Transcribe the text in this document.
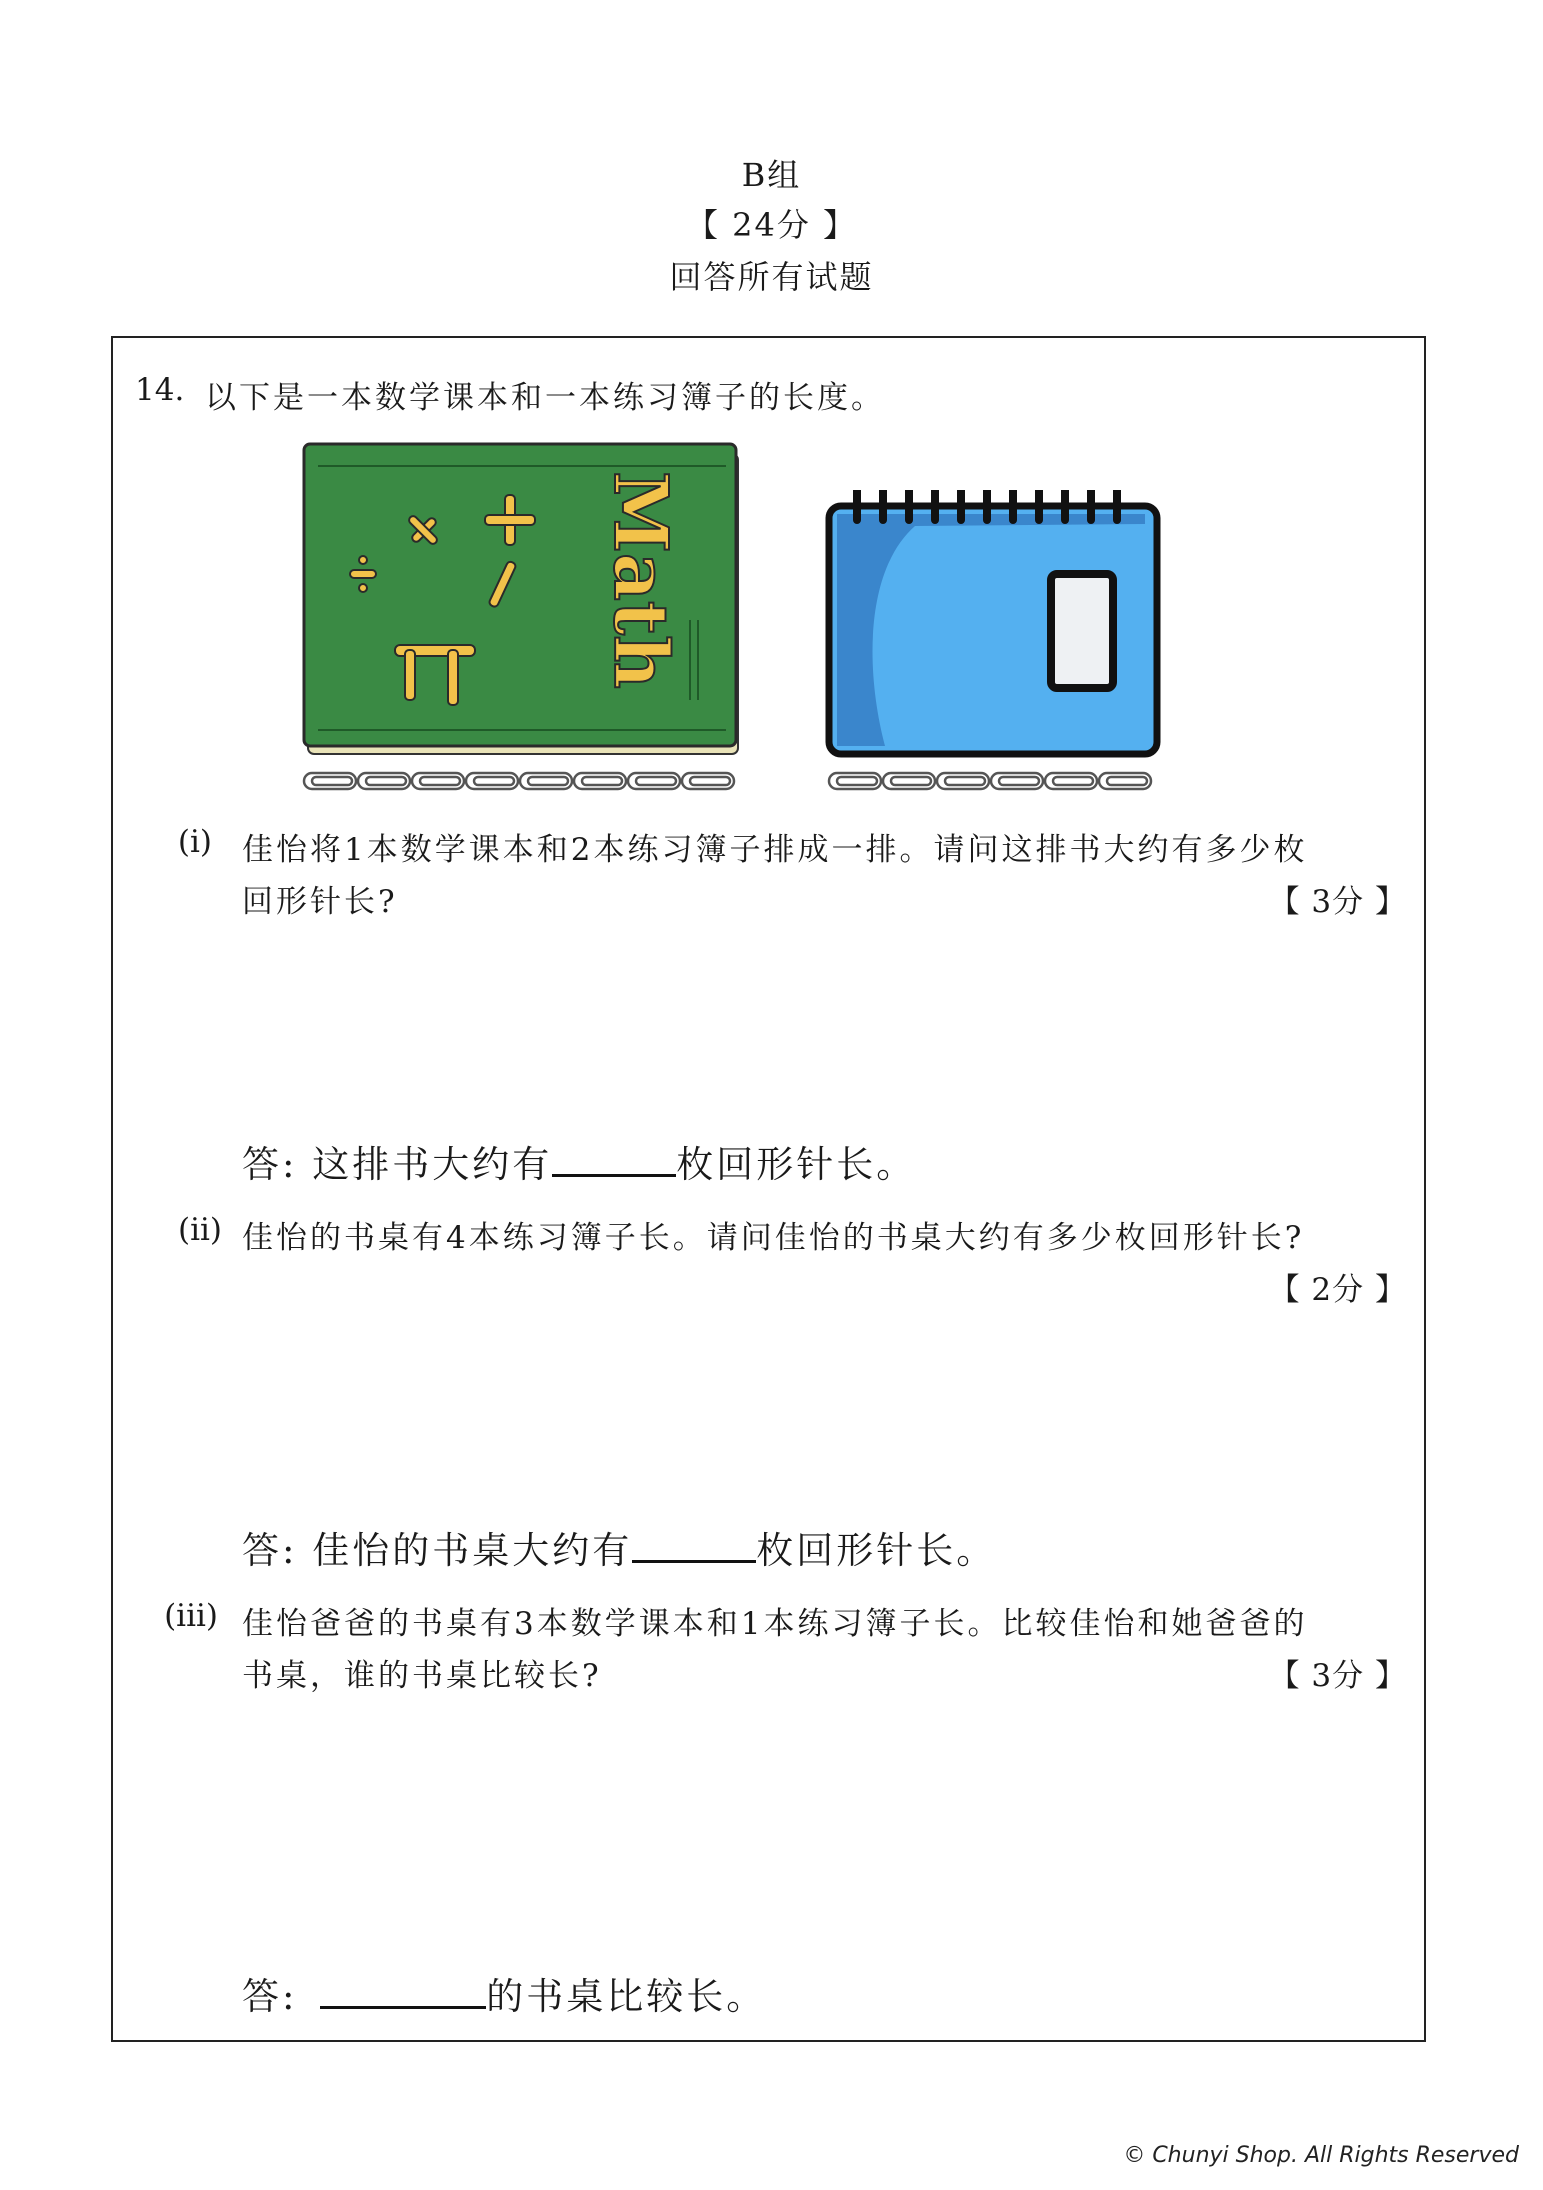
B组
【 24分 】
回答所有试题
14. 以下是一本数学课本和一本练习簿子的长度。
Math
(i) 佳怡将1本数学课本和2本练习簿子排成一排。请问这排书大约有多少枚
回形针长?	【 3分 】
答: 这排书大约有	枚回形针长。
(ii) 佳怡的书桌有4本练习簿子长。请问佳怡的书桌大约有多少枚回形针长?
【 2分 】
答: 佳怡的书桌大约有	枚回形针长。
(iii) 佳怡爸爸的书桌有3本数学课本和1本练习簿子长。比较佳怡和她爸爸的
书桌，谁的书桌比较长?	【 3分 】
答:	的书桌比较长。
© Chunyi Shop. All Rights Reserved
